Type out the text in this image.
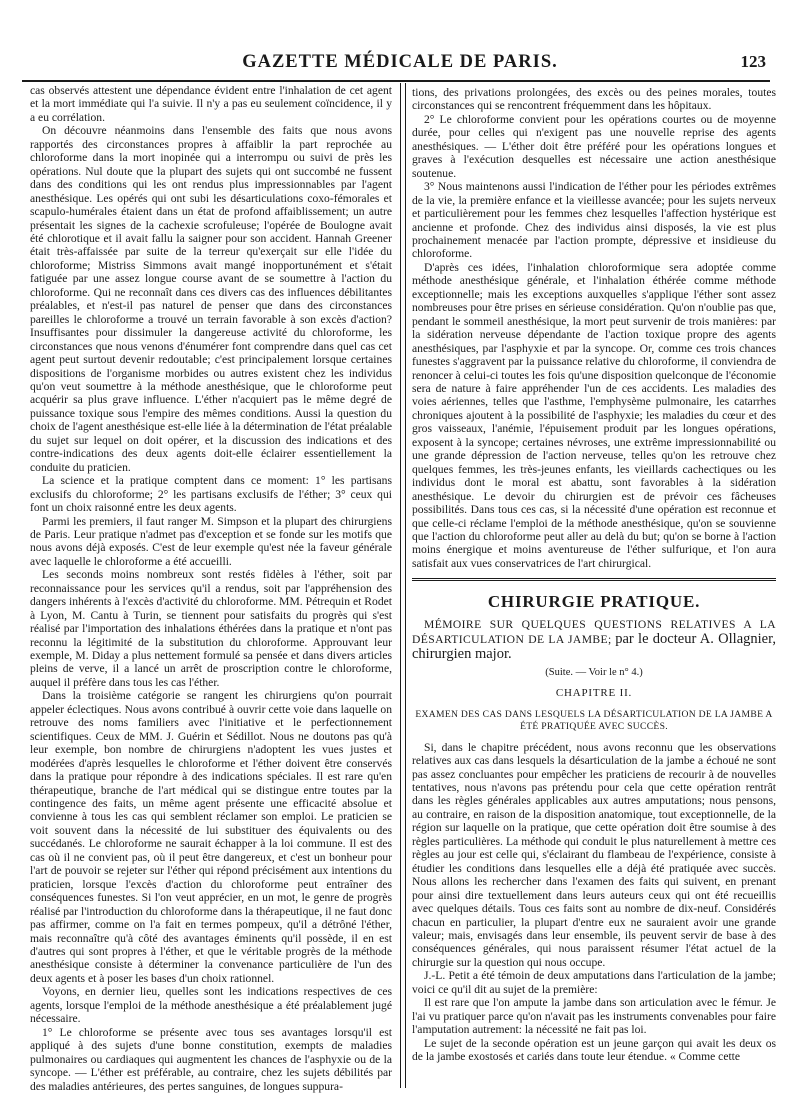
GAZETTE MÉDICALE DE PARIS.	123

cas observés attestent une dépendance évident entre l'inhalation de cet agent et la mort immédiate qui l'a suivie. Il n'y a pas eu seulement coïncidence, il y a eu corrélation.

On découvre néanmoins dans l'ensemble des faits que nous avons rapportés des circonstances propres à affaiblir la part reprochée au chloroforme dans la mort inopinée qui a interrompu ou suivi de près les opérations. Nul doute que la plupart des sujets qui ont succombé ne fussent dans des conditions qui les ont rendus plus impressionnables par l'agent anesthésique. Les opérés qui ont subi les désarticulations coxo-fémorales et scapulo-humérales étaient dans un état de profond affaiblissement; un autre présentait les signes de la cachexie scrofuleuse; l'opérée de Boulogne avait été chlorotique et il avait fallu la saigner pour son accident. Hannah Greener était très-affaissée par suite de la terreur qu'exerçait sur elle l'idée du chloroforme; Mistriss Simmons avait mangé inopportunément et s'était fatiguée par une assez longue course avant de se soumettre à l'action du chloroforme. Qui ne reconnaît dans ces divers cas des influences débilitantes préalables, et n'est-il pas naturel de penser que dans des circonstances pareilles le chloroforme a trouvé un terrain favorable à son excès d'action? Insuffisantes pour dissimuler la dangereuse activité du chloroforme, les circonstances que nous venons d'énumérer font comprendre dans quel cas cet agent peut surtout devenir redoutable; c'est principalement lorsque certaines dispositions de l'organisme morbides ou autres existent chez les individus qu'on veut soumettre à la méthode anesthésique, que le chloroforme peut acquérir sa plus grave influence. L'éther n'acquiert pas le même degré de puissance toxique sous l'empire des mêmes conditions. Aussi la question du choix de l'agent anesthésique est-elle liée à la détermination de l'état préalable du sujet sur lequel on doit opérer, et la discussion des indications et des contre-indications des deux agents doit-elle éclairer essentiellement la conduite du praticien.

La science et la pratique comptent dans ce moment: 1° les partisans exclusifs du chloroforme; 2° les partisans exclusifs de l'éther; 3° ceux qui font un choix raisonné entre les deux agents.

Parmi les premiers, il faut ranger M. Simpson et la plupart des chirurgiens de Paris. Leur pratique n'admet pas d'exception et se fonde sur les motifs que nous avons déjà exposés. C'est de leur exemple qu'est née la faveur générale avec laquelle le chloroforme a été accueilli.

Les seconds moins nombreux sont restés fidèles à l'éther, soit par reconnaissance pour les services qu'il a rendus, soit par l'appréhension des dangers inhérents à l'excès d'activité du chloroforme. MM. Pétrequin et Rodet à Lyon, M. Cantu à Turin, se tiennent pour satisfaits du progrès qui s'est réalisé par l'importation des inhalations éthérées dans la pratique et n'ont pas reconnu la légitimité de la substitution du chloroforme. Approuvant leur exemple, M. Diday a plus nettement formulé sa pensée et dans divers articles pleins de verve, il a lancé un arrêt de proscription contre le chloroforme, auquel il préfère dans tous les cas l'éther.

Dans la troisième catégorie se rangent les chirurgiens qu'on pourrait appeler éclectiques. Nous avons contribué à ouvrir cette voie dans laquelle on retrouve des noms familiers avec l'initiative et le perfectionnement scientifiques. Ceux de MM. J. Guérin et Sédillot. Nous ne doutons pas qu'à leur exemple, bon nombre de chirurgiens n'adoptent les vues justes et modérées d'après lesquelles le chloroforme et l'éther doivent être conservés dans la pratique pour répondre à des indications spéciales. Il est rare qu'en thérapeutique, branche de l'art médical qui se distingue entre toutes par la contingence des faits, un même agent présente une efficacité absolue et convienne à tous les cas qui semblent réclamer son emploi. Le praticien se voit souvent dans la nécessité de lui substituer des équivalents ou des succédanés. Le chloroforme ne saurait échapper à la loi commune. Il est des cas où il ne convient pas, où il peut être dangereux, et c'est un bonheur pour l'art de pouvoir se rejeter sur l'éther qui répond précisément aux intentions du praticien, lorsque l'excès d'action du chloroforme peut entraîner des conséquences funestes. Si l'on veut apprécier, en un mot, le genre de progrès réalisé par l'introduction du chloroforme dans la thérapeutique, il ne faut donc pas affirmer, comme on l'a fait en termes pompeux, qu'il a détrôné l'éther, mais reconnaître qu'à côté des avantages éminents qu'il possède, il en est d'autres qui sont propres à l'éther, et que le véritable progrès de la méthode anesthésique consiste à déterminer la convenance particulière de l'un des deux agents et à poser les bases d'un choix rationnel.

Voyons, en dernier lieu, quelles sont les indications respectives de ces agents, lorsque l'emploi de la méthode anesthésique a été préalablement jugé nécessaire.

1° Le chloroforme se présente avec tous ses avantages lorsqu'il est appliqué à des sujets d'une bonne constitution, exempts de maladies pulmonaires ou cardiaques qui augmentent les chances de l'asphyxie ou de la syncope. — L'éther est préférable, au contraire, chez les sujets débilités par des maladies antérieures, des pertes sanguines, de longues suppura-

tions, des privations prolongées, des excès ou des peines morales, toutes circonstances qui se rencontrent fréquemment dans les hôpitaux.

2° Le chloroforme convient pour les opérations courtes ou de moyenne durée, pour celles qui n'exigent pas une nouvelle reprise des agents anesthésiques. — L'éther doit être préféré pour les opérations longues et graves à l'exécution desquelles est nécessaire une action anesthésique soutenue.

3° Nous maintenons aussi l'indication de l'éther pour les périodes extrêmes de la vie, la première enfance et la vieillesse avancée; pour les sujets nerveux et particulièrement pour les femmes chez lesquelles l'affection hystérique est ancienne et profonde. Chez des individus ainsi disposés, la vie est plus prochainement menacée par l'action prompte, dépressive et insidieuse du chloroforme.

D'après ces idées, l'inhalation chloroformique sera adoptée comme méthode anesthésique générale, et l'inhalation éthérée comme méthode exceptionnelle; mais les exceptions auxquelles s'applique l'éther sont assez nombreuses pour être prises en sérieuse considération. Qu'on n'oublie pas que, pendant le sommeil anesthésique, la mort peut survenir de trois manières: par la sidération nerveuse dépendante de l'action toxique propre des agents anesthésiques, par l'asphyxie et par la syncope. Or, comme ces trois chances funestes s'aggravent par la puissance relative du chloroforme, il conviendra de renoncer à celui-ci toutes les fois qu'une disposition quelconque de l'économie sera de nature à faire appréhender l'un de ces accidents. Les maladies des voies aériennes, telles que l'asthme, l'emphysème pulmonaire, les catarrhes chroniques ajoutent à la possibilité de l'asphyxie; les maladies du cœur et des gros vaisseaux, l'anémie, l'épuisement produit par les longues opérations, exposent à la syncope; certaines névroses, une extrême impressionnabilité ou une grande dépression de l'action nerveuse, telles qu'on les retrouve chez quelques femmes, les très-jeunes enfants, les vieillards cachectiques ou les individus dont le moral est abattu, sont favorables à la sidération anesthésique. Le devoir du chirurgien est de prévoir ces fâcheuses possibilités. Dans tous ces cas, si la nécessité d'une opération est reconnue et que celle-ci réclame l'emploi de la méthode anesthésique, qu'on se souvienne que l'action du chloroforme peut aller au delà du but; qu'on se borne à l'action moins énergique et moins aventureuse de l'éther sulfurique, et l'on aura satisfait aux vues conservatrices de l'art chirurgical.

CHIRURGIE PRATIQUE.

MÉMOIRE SUR QUELQUES QUESTIONS RELATIVES A LA DÉSARTICULATION DE LA JAMBE; par le docteur A. Ollagnier, chirurgien major.

(Suite. — Voir le n° 4.)
CHAPITRE II.
EXAMEN DES CAS DANS LESQUELS LA DÉSARTICULATION DE LA JAMBE A ÉTÉ PRATIQUÉE AVEC SUCCÈS.

Si, dans le chapitre précédent, nous avons reconnu que les observations relatives aux cas dans lesquels la désarticulation de la jambe a échoué ne sont pas assez concluantes pour empêcher les praticiens de recourir à de nouvelles tentatives, nous n'avons pas prétendu pour cela que cette opération rentrât dans les règles générales applicables aux autres amputations; nous pensons, au contraire, en raison de la disposition anatomique, tout exceptionnelle, de la région sur laquelle on la pratique, que cette opération doit être soumise à des règles particulières. La méthode qui conduit le plus naturellement à mettre ces règles au jour est celle qui, s'éclairant du flambeau de l'expérience, consiste à étudier les conditions dans lesquelles elle a déjà été pratiquée avec succès. Nous allons les rechercher dans l'examen des faits qui suivent, en prenant pour ainsi dire textuellement dans leurs auteurs ceux qui ont été recueillis avec quelques détails. Tous ces faits sont au nombre de dix-neuf. Considérés chacun en particulier, la plupart d'entre eux ne sauraient avoir une grande valeur; mais, envisagés dans leur ensemble, ils peuvent servir de base à des conséquences générales, qui nous paraissent résumer l'état actuel de la chirurgie sur la question qui nous occupe.

J.-L. Petit a été témoin de deux amputations dans l'articulation de la jambe; voici ce qu'il dit au sujet de la première:

Il est rare que l'on ampute la jambe dans son articulation avec le fémur. Je l'ai vu pratiquer parce qu'on n'avait pas les instruments convenables pour faire l'amputation autrement: la nécessité ne fait pas loi.

Le sujet de la seconde opération est un jeune garçon qui avait les deux os de la jambe exostosés et cariés dans toute leur étendue. « Comme cette
